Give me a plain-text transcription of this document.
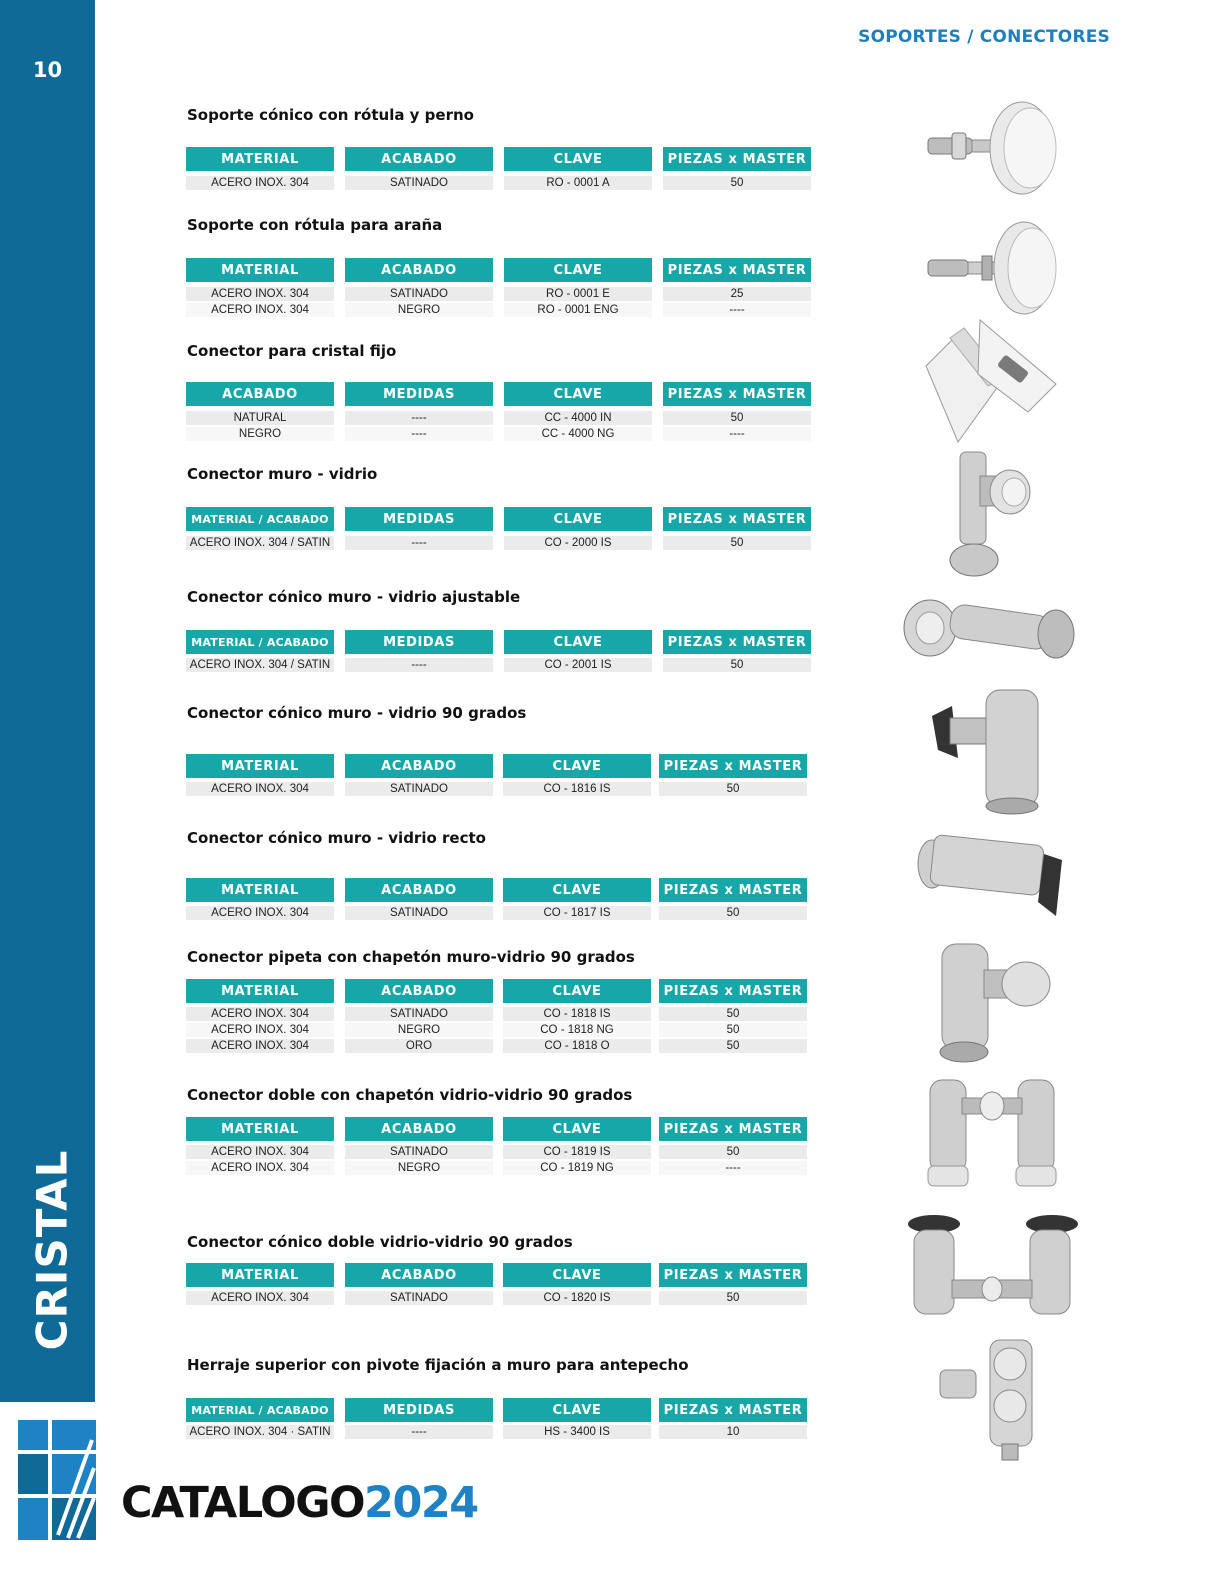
10
CRISTAL
SOPORTES / CONECTORES
Soporte cónico con rótula y perno
Soporte con rótula para araña
Conector para cristal fijo
Conector muro - vidrio
Conector cónico muro - vidrio ajustable
Conector cónico muro - vidrio 90 grados
Conector cónico muro - vidrio recto
Conector pipeta con chapetón muro-vidrio 90 grados
Conector doble con chapetón vidrio-vidrio 90 grados
Conector cónico doble vidrio-vidrio 90 grados
Herraje superior con pivote fijación a muro para antepecho
MATERIAL	ACABADO	CLAVE	PIEZAS x MASTER
ACERO INOX. 304	SATINADO	RO - 0001 A	50
MATERIAL	ACABADO	CLAVE	PIEZAS x MASTER
ACERO INOX. 304	SATINADO	RO - 0001 E	25
ACERO INOX. 304	NEGRO	RO - 0001 ENG	----
ACABADO	MEDIDAS	CLAVE	PIEZAS x MASTER
NATURAL	----	CC - 4000 IN	50
NEGRO	----	CC - 4000 NG	----
MATERIAL / ACABADO	MEDIDAS	CLAVE	PIEZAS x MASTER
ACERO INOX. 304 / SATIN	----	CO - 2000 IS	50
MATERIAL / ACABADO	MEDIDAS	CLAVE	PIEZAS x MASTER
ACERO INOX. 304 / SATIN	----	CO - 2001 IS	50
MATERIAL	ACABADO	CLAVE	PIEZAS x MASTER
ACERO INOX. 304	SATINADO	CO - 1816 IS	50
MATERIAL	ACABADO	CLAVE	PIEZAS x MASTER
ACERO INOX. 304	SATINADO	CO - 1817 IS	50
MATERIAL	ACABADO	CLAVE	PIEZAS x MASTER
ACERO INOX. 304	SATINADO	CO - 1818 IS	50
ACERO INOX. 304	NEGRO	CO - 1818 NG	50
ACERO INOX. 304	ORO	CO - 1818 O	50
MATERIAL	ACABADO	CLAVE	PIEZAS x MASTER
ACERO INOX. 304	SATINADO	CO - 1819 IS	50
ACERO INOX. 304	NEGRO	CO - 1819 NG	----
MATERIAL	ACABADO	CLAVE	PIEZAS x MASTER
ACERO INOX. 304	SATINADO	CO - 1820 IS	50
MATERIAL / ACABADO	MEDIDAS	CLAVE	PIEZAS x MASTER
ACERO INOX. 304 · SATIN	----	HS - 3400 IS	10
CATALOGO2024
